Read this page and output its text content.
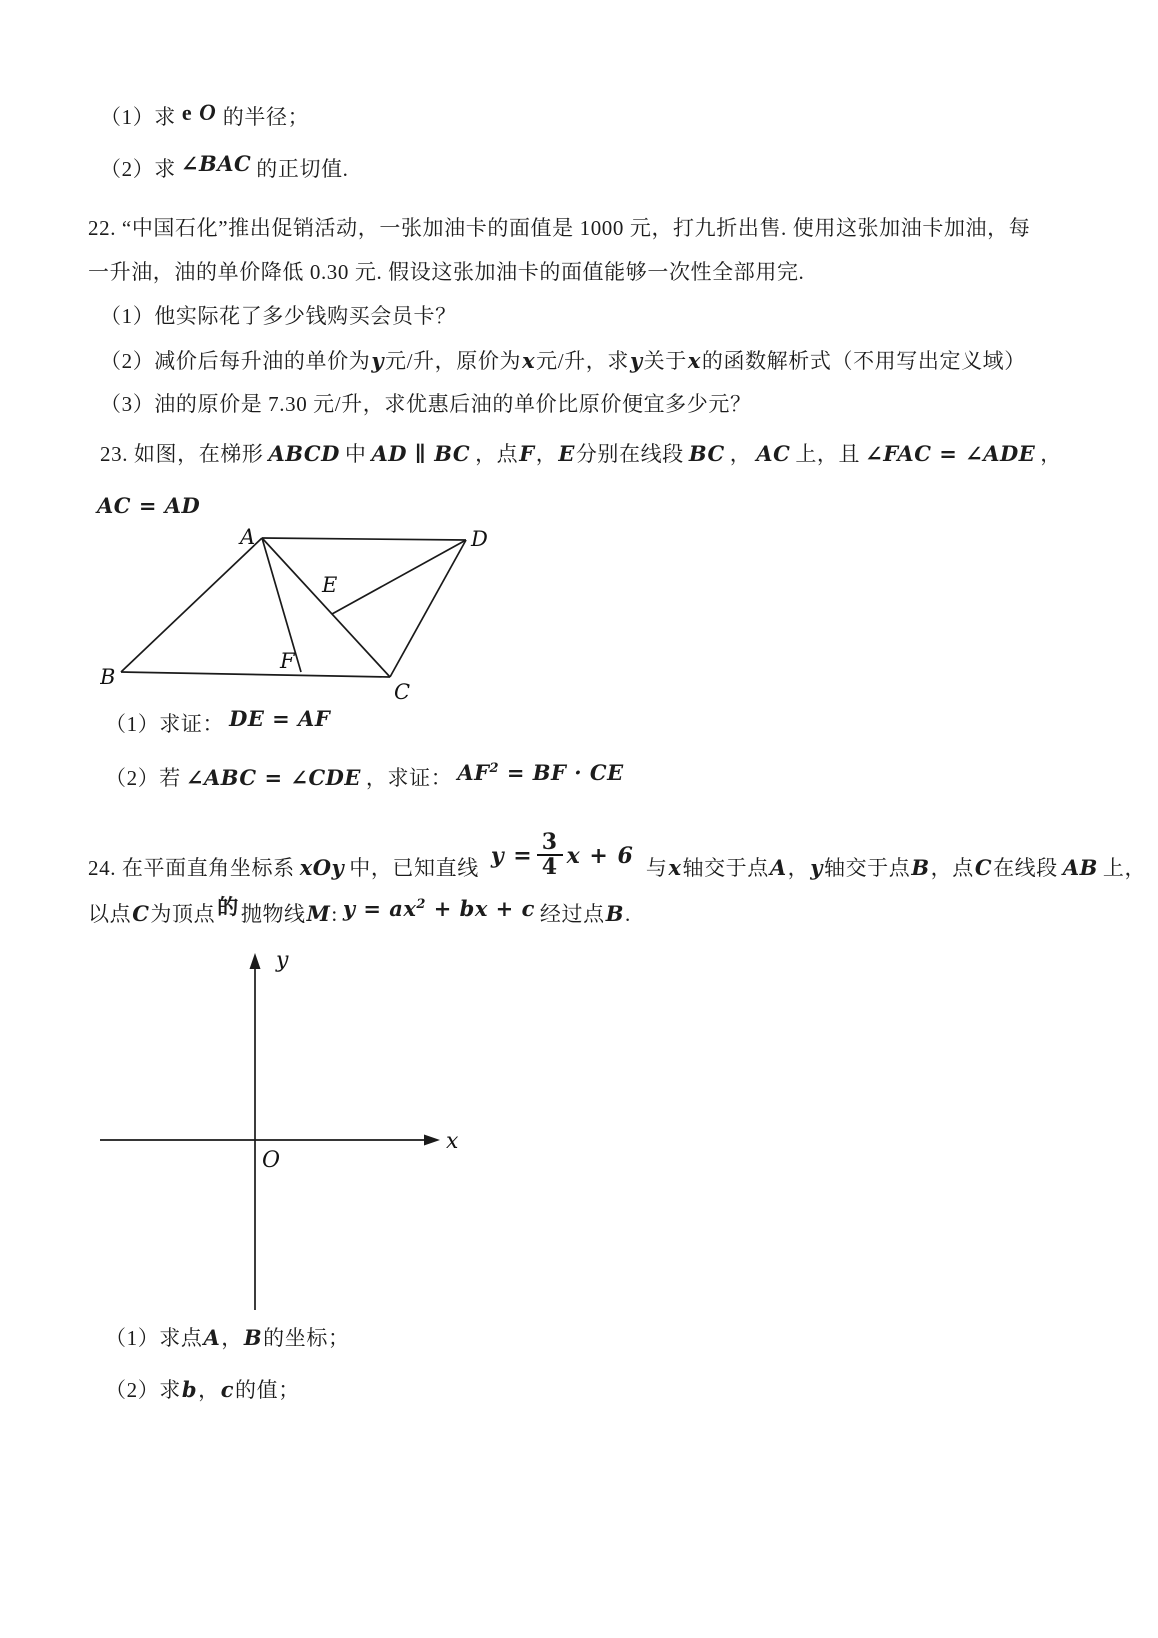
（1）求 e O 的半径；
（2）求 ∠BAC 的正切值.
22. “中国石化”推出促销活动，一张加油卡的面值是 1000 元，打九折出售. 使用这张加油卡加油，每
一升油，油的单价降低 0.30 元. 假设这张加油卡的面值能够一次性全部用完.
（1）他实际花了多少钱购买会员卡？
（2）减价后每升油的单价为y元/升，原价为x元/升，求y关于x的函数解析式（不用写出定义域）
（3）油的原价是 7.30 元/升，求优惠后油的单价比原价便宜多少元？
23. 如图，在梯形 ABCD 中 AD ∥ BC ，点F，E分别在线段 BC ， AC 上，且 ∠FAC = ∠ADE ，
AC = AD
A	D
B
C
E
F
（1）求证： DE = AF
（2）若 ∠ABC = ∠CDE ，求证： $AF^2$ = BF · CE
24. 在平面直角坐标系 xOy 中，已知直线 $y = \frac{3}{4}$ x + 6 与x轴交于点A，y轴交于点B，点C在线段 AB 上，
以点C为顶点的抛物线M: $y = ax^2$ + bx + c 经过点B.
y
x
O
（1）求点A，B的坐标；
（2）求b，c的值；
